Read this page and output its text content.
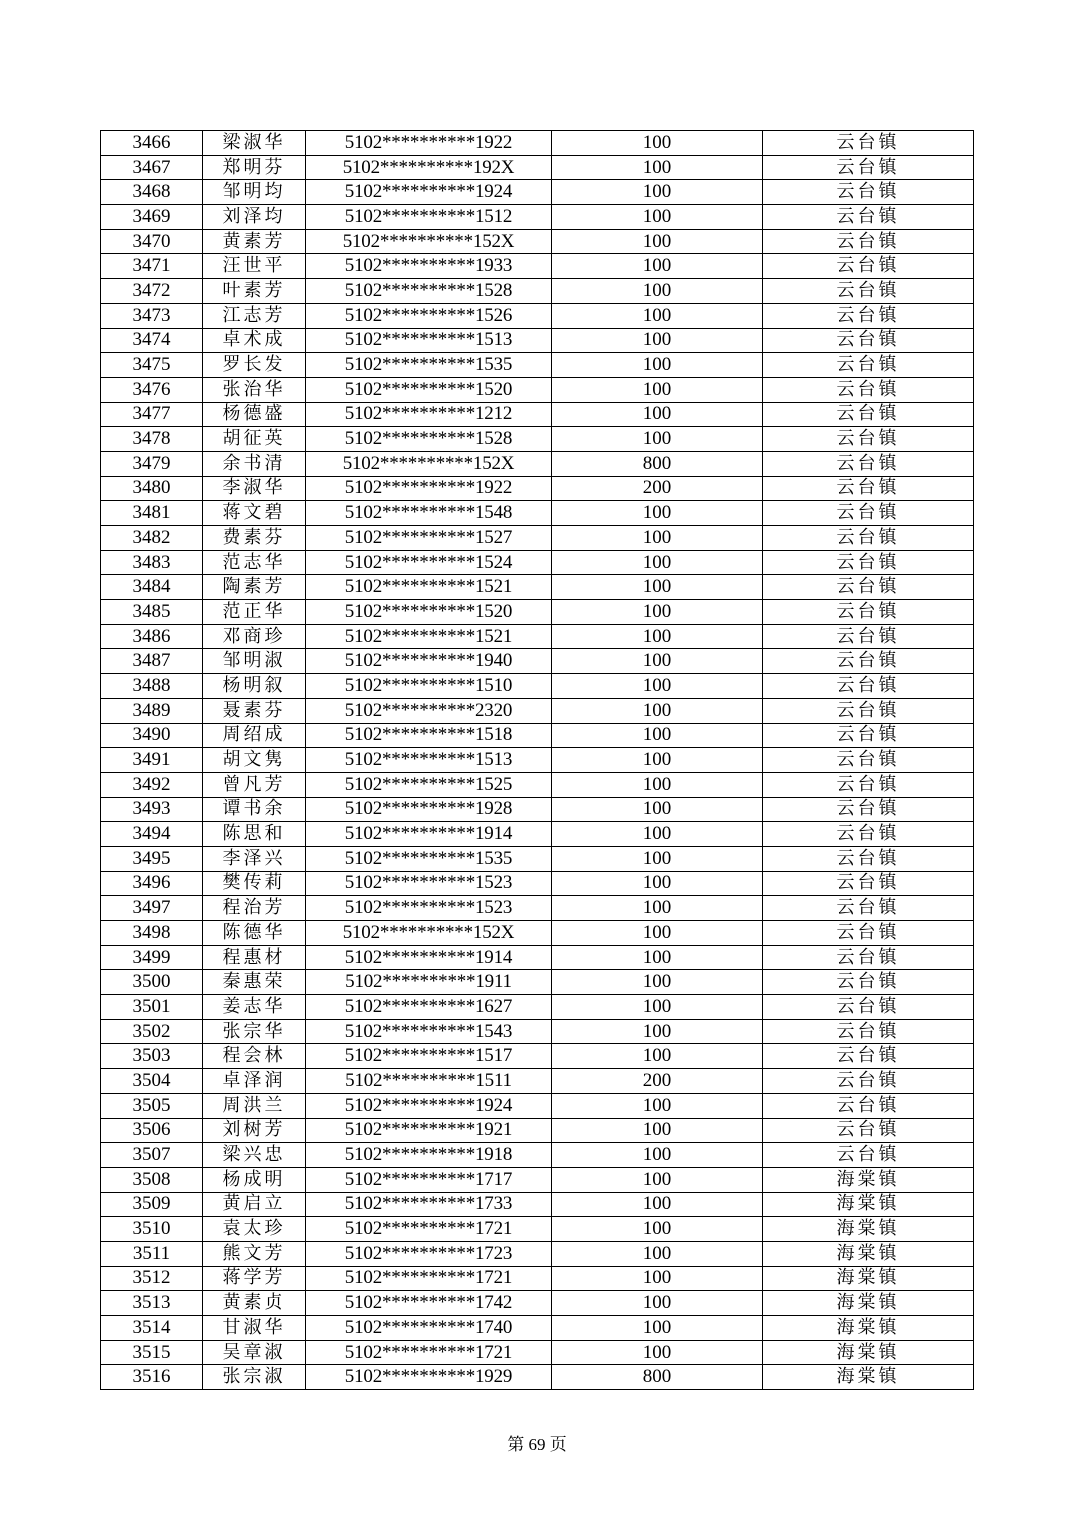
3466	梁淑华	5102**********1922	100	云台镇
3467	郑明芬	5102**********192X	100	云台镇
3468	邹明均	5102**********1924	100	云台镇
3469	刘泽均	5102**********1512	100	云台镇
3470	黄素芳	5102**********152X	100	云台镇
3471	汪世平	5102**********1933	100	云台镇
3472	叶素芳	5102**********1528	100	云台镇
3473	江志芳	5102**********1526	100	云台镇
3474	卓术成	5102**********1513	100	云台镇
3475	罗长发	5102**********1535	100	云台镇
3476	张治华	5102**********1520	100	云台镇
3477	杨德盛	5102**********1212	100	云台镇
3478	胡征英	5102**********1528	100	云台镇
3479	余书清	5102**********152X	800	云台镇
3480	李淑华	5102**********1922	200	云台镇
3481	蒋文碧	5102**********1548	100	云台镇
3482	费素芬	5102**********1527	100	云台镇
3483	范志华	5102**********1524	100	云台镇
3484	陶素芳	5102**********1521	100	云台镇
3485	范正华	5102**********1520	100	云台镇
3486	邓商珍	5102**********1521	100	云台镇
3487	邹明淑	5102**********1940	100	云台镇
3488	杨明叙	5102**********1510	100	云台镇
3489	聂素芬	5102**********2320	100	云台镇
3490	周绍成	5102**********1518	100	云台镇
3491	胡文隽	5102**********1513	100	云台镇
3492	曾凡芳	5102**********1525	100	云台镇
3493	谭书余	5102**********1928	100	云台镇
3494	陈思和	5102**********1914	100	云台镇
3495	李泽兴	5102**********1535	100	云台镇
3496	樊传莉	5102**********1523	100	云台镇
3497	程治芳	5102**********1523	100	云台镇
3498	陈德华	5102**********152X	100	云台镇
3499	程惠材	5102**********1914	100	云台镇
3500	秦惠荣	5102**********1911	100	云台镇
3501	姜志华	5102**********1627	100	云台镇
3502	张宗华	5102**********1543	100	云台镇
3503	程会林	5102**********1517	100	云台镇
3504	卓泽润	5102**********1511	200	云台镇
3505	周洪兰	5102**********1924	100	云台镇
3506	刘树芳	5102**********1921	100	云台镇
3507	梁兴忠	5102**********1918	100	云台镇
3508	杨成明	5102**********1717	100	海棠镇
3509	黄启立	5102**********1733	100	海棠镇
3510	袁太珍	5102**********1721	100	海棠镇
3511	熊文芳	5102**********1723	100	海棠镇
3512	蒋学芳	5102**********1721	100	海棠镇
3513	黄素贞	5102**********1742	100	海棠镇
3514	甘淑华	5102**********1740	100	海棠镇
3515	吴章淑	5102**********1721	100	海棠镇
3516	张宗淑	5102**********1929	800	海棠镇
第 69 页
